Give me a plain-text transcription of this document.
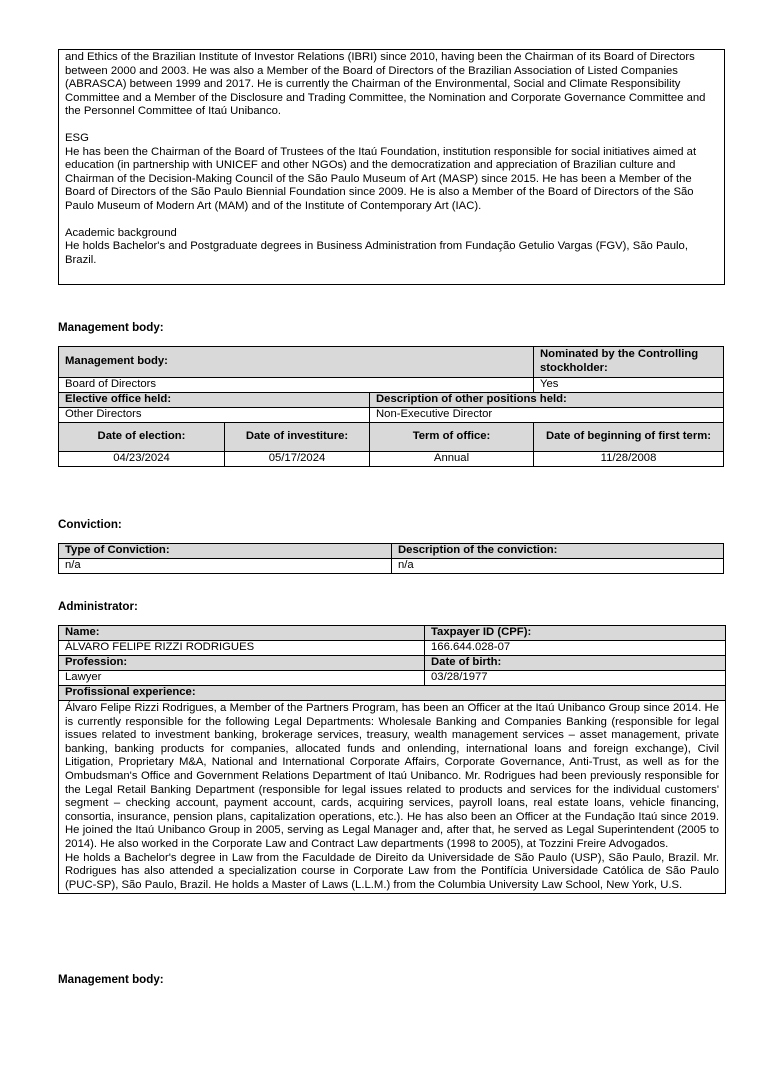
and Ethics of the Brazilian Institute of Investor Relations (IBRI) since 2010, having been the Chairman of its Board of Directors between 2000 and 2003. He was also a Member of the Board of Directors of the Brazilian Association of Listed Companies (ABRASCA) between 1999 and 2017. He is currently the Chairman of the Environmental, Social and Climate Responsibility Committee and a Member of the Disclosure and Trading Committee, the Nomination and Corporate Governance Committee and the Personnel Committee of Itaú Unibanco.

ESG

He has been the Chairman of the Board of Trustees of the Itaú Foundation, institution responsible for social initiatives aimed at education (in partnership with UNICEF and other NGOs) and the democratization and appreciation of Brazilian culture and Chairman of the Decision-Making Council of the São Paulo Museum of Art (MASP) since 2015. He has been a Member of the Board of Directors of the São Paulo Biennial Foundation since 2009. He is also a Member of the Board of Directors of the São Paulo Museum of Modern Art (MAM) and of the Institute of Contemporary Art (IAC).

Academic background

He holds Bachelor's and Postgraduate degrees in Business Administration from Fundação Getulio Vargas (FGV), São Paulo, Brazil.

Management body:
Management body:			Nominated by the Controlling stockholder:
Board of Directors			Yes
Elective office held:		Description of other positions held:	
Other Directors		Non-Executive Director	
Date of election:	Date of investiture:	Term of office:	Date of beginning of first term:
04/23/2024	05/17/2024	Annual	11/28/2008
Conviction:
Type of Conviction:	Description of the conviction:
n/a	n/a
Administrator:
Name:	Taxpayer ID (CPF):
ÁLVARO FELIPE RIZZI RODRIGUES	166.644.028-07
Profession:	Date of birth:
Lawyer	03/28/1977
Profissional experience:	

Álvaro Felipe Rizzi Rodrigues, a Member of the Partners Program, has been an Officer at the Itaú Unibanco Group since 2014. He is currently responsible for the following Legal Departments: Wholesale Banking and Companies Banking (responsible for legal issues related to investment banking, brokerage services, treasury, wealth management services – asset management, private banking, banking products for companies, allocated funds and onlending, international loans and foreign exchange), Civil Litigation, Proprietary M&A, National and International Corporate Affairs, Corporate Governance, Anti-Trust, as well as for the Ombudsman's Office and Government Relations Department of Itaú Unibanco. Mr. Rodrigues had been previously responsible for the Legal Retail Banking Department (responsible for legal issues related to products and services for the individual customers' segment – checking account, payment account, cards, acquiring services, payroll loans, real estate loans, vehicle financing, consortia, insurance, pension plans, capitalization operations, etc.). He has also been an Officer at the Fundação Itaú since 2019. He joined the Itaú Unibanco Group in 2005, serving as Legal Manager and, after that, he served as Legal Superintendent (2005 to 2014). He also worked in the Corporate Law and Contract Law departments (1998 to 2005), at Tozzini Freire Advogados.

He holds a Bachelor's degree in Law from the Faculdade de Direito da Universidade de São Paulo (USP), São Paulo, Brazil. Mr. Rodrigues has also attended a specialization course in Corporate Law from the Pontifícia Universidade Católica de São Paulo (PUC-SP), São Paulo, Brazil. He holds a Master of Laws (L.L.M.) from the Columbia University Law School, New York, U.S.	

Management body:
